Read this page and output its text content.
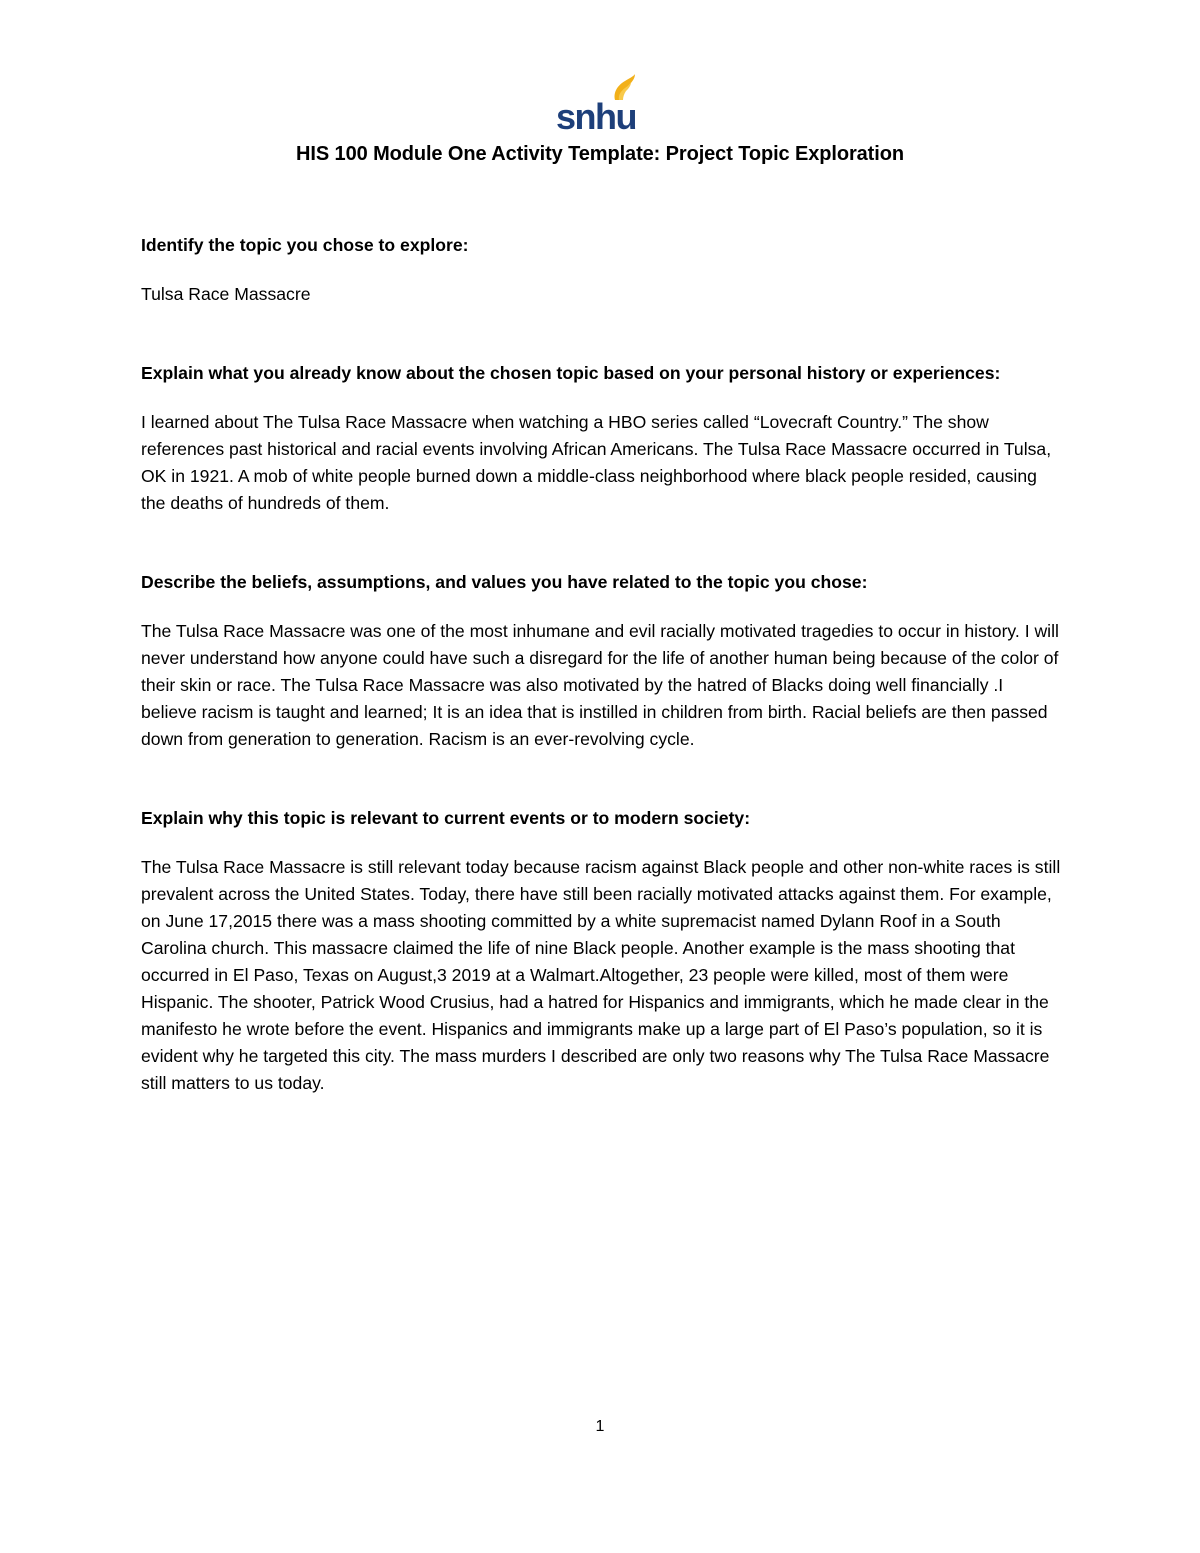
snhu
HIS 100 Module One Activity Template: Project Topic Exploration

Identify the topic you chose to explore:

Tulsa Race Massacre

Explain what you already know about the chosen topic based on your personal history or experiences:

I learned about The Tulsa Race Massacre when watching a HBO series called “Lovecraft Country.” The show references past historical and racial events involving African Americans. The Tulsa Race Massacre occurred in Tulsa, OK in 1921. A mob of white people burned down a middle-class neighborhood where black people resided, causing the deaths of hundreds of them.

Describe the beliefs, assumptions, and values you have related to the topic you chose:

The Tulsa Race Massacre was one of the most inhumane and evil racially motivated tragedies to occur in history. I will never understand how anyone could have such a disregard for the life of another human being because of the color of their skin or race. The Tulsa Race Massacre was also motivated by the hatred of Blacks doing well financially .I believe racism is taught and learned; It is an idea that is instilled in children from birth. Racial beliefs are then passed down from generation to generation. Racism is an ever-revolving cycle.

Explain why this topic is relevant to current events or to modern society:

The Tulsa Race Massacre is still relevant today because racism against Black people and other non-white races is still prevalent across the United States. Today, there have still been racially motivated attacks against them. For example, on June 17,2015 there was a mass shooting committed by a white supremacist named Dylann Roof in a South Carolina church. This massacre claimed the life of nine Black people. Another example is the mass shooting that occurred in El Paso, Texas on August,3 2019 at a Walmart.Altogether, 23 people were killed, most of them were Hispanic. The shooter, Patrick Wood Crusius, had a hatred for Hispanics and immigrants, which he made clear in the manifesto he wrote before the event. Hispanics and immigrants make up a large part of El Paso’s population, so it is evident why he targeted this city. The mass murders I described are only two reasons why The Tulsa Race Massacre still matters to us today.

1
